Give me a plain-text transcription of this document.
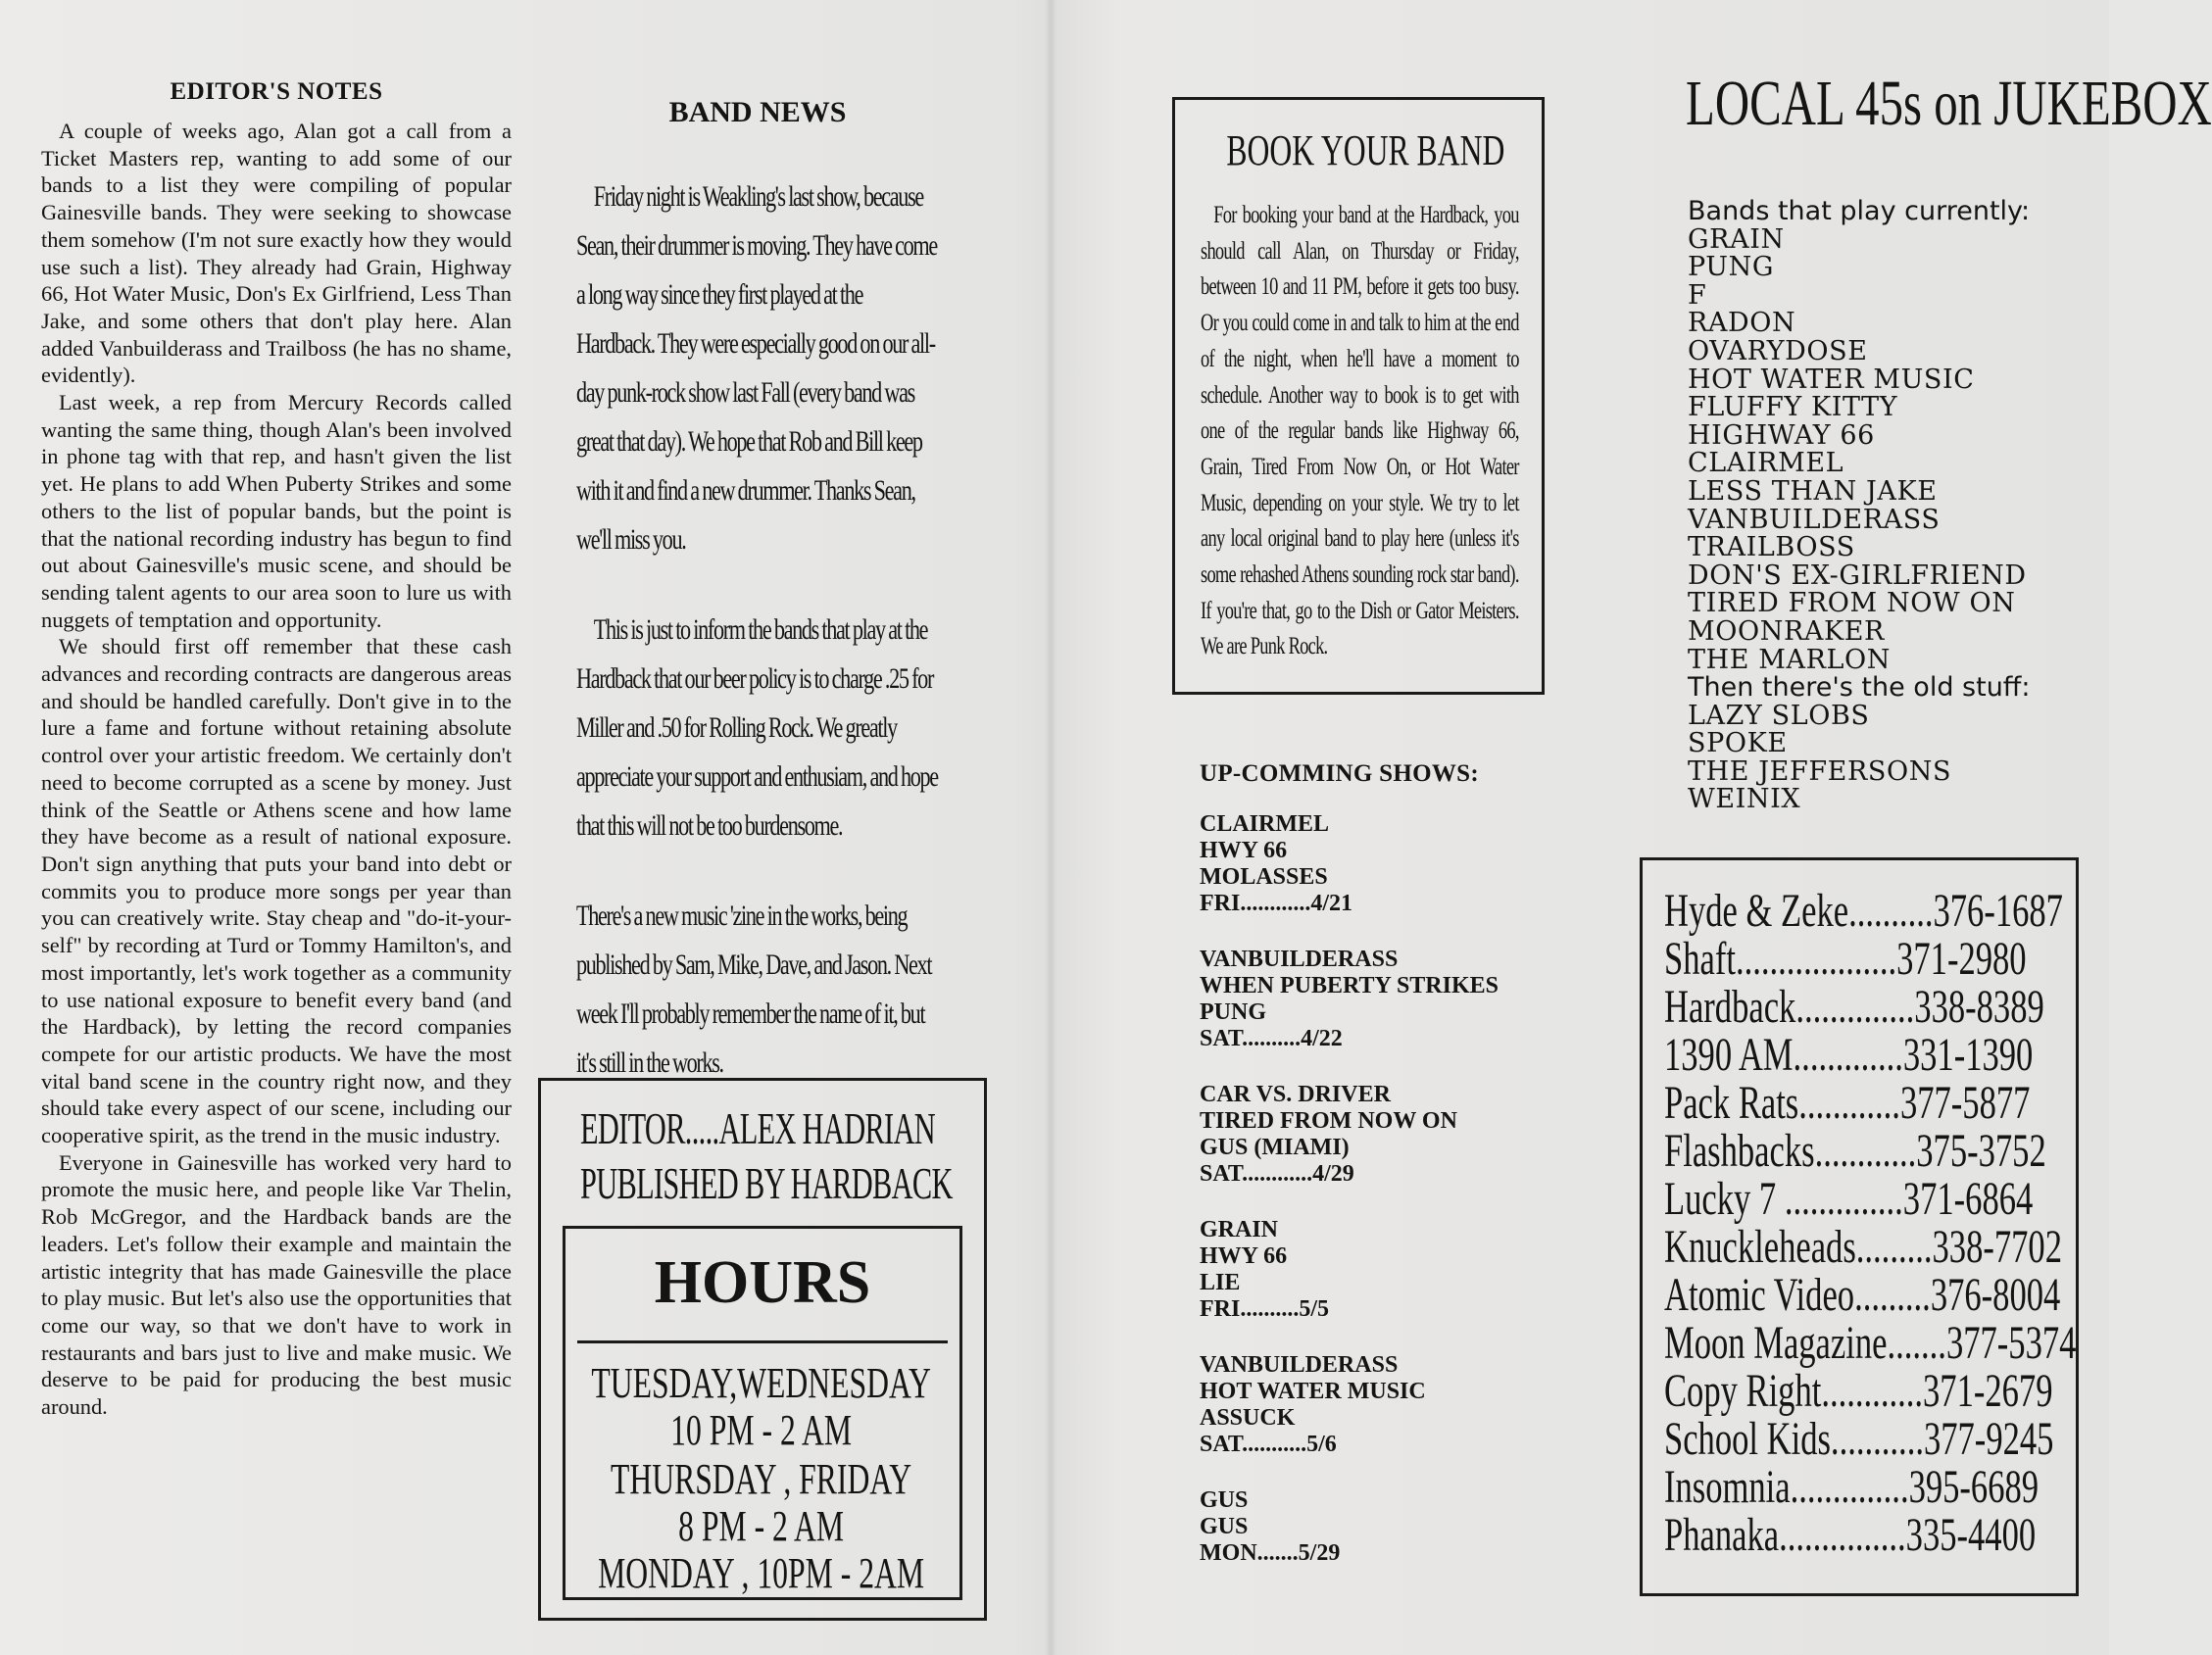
EDITOR'S NOTES

A couple of weeks ago, Alan got a call from a Ticket Masters rep, wanting to add some of our bands to a list they were compiling of popular Gainesville bands. They were seeking to showcase them somehow (I'm not sure exactly how they would use such a list). They already had Grain, Highway 66, Hot Water Music, Don's Ex Girlfriend, Less Than Jake, and some others that don't play here. Alan added Vanbuilderass and Trailboss (he has no shame, evidently).

Last week, a rep from Mercury Records called wanting the same thing, though Alan's been involved in phone tag with that rep, and hasn't given the list yet. He plans to add When Puberty Strikes and some others to the list of popular bands, but the point is that the national recording industry has begun to find out about Gainesville's music scene, and should be sending talent agents to our area soon to lure us with nuggets of temptation and opportunity.

We should first off remember that these cash advances and recording contracts are dangerous areas and should be handled carefully. Don't give in to the lure a fame and fortune without retaining absolute control over your artistic freedom. We certainly don't need to become corrupted as a scene by money. Just think of the Seattle or Athens scene and how lame they have become as a result of national exposure. Don't sign anything that puts your band into debt or commits you to produce more songs per year than you can creatively write. Stay cheap and "do-it-your-self" by recording at Turd or Tommy Hamilton's, and most importantly, let's work together as a community to use national exposure to benefit every band (and the Hardback), by letting the record companies compete for our artistic products. We have the most vital band scene in the country right now, and they should take every aspect of our scene, including our cooperative spirit, as the trend in the music industry.

Everyone in Gainesville has worked very hard to promote the music here, and people like Var Thelin, Rob McGregor, and the Hardback bands are the leaders. Let's follow their example and maintain the artistic integrity that has made Gainesville the place to play music. But let's also use the opportunities that come our way, so that we don't have to work in restaurants and bars just to live and make music. We deserve to be paid for producing the best music around.

BAND NEWS

Friday night is Weakling's last show, because Sean, their drummer is moving. They have come a long way since they first played at the Hardback. They were especially good on our all-day punk-rock show last Fall (every band was great that day). We hope that Rob and Bill keep with it and find a new drummer. Thanks Sean, we'll miss you.

This is just to inform the bands that play at the Hardback that our beer policy is to charge .25 for Miller and .50 for Rolling Rock. We greatly appreciate your support and enthusiam, and hope that this will not be too burdensome.

There's a new music 'zine in the works, being published by Sam, Mike, Dave, and Jason. Next week I'll probably remember the name of it, but it's still in the works.

EDITOR.....ALEX HADRIAN
PUBLISHED BY HARDBACK
HOURS
TUESDAY,WEDNESDAY
10 PM - 2 AM
THURSDAY , FRIDAY
8 PM - 2 AM
MONDAY , 10PM - 2AM
BOOK YOUR BAND

For booking your band at the Hardback, you should call Alan, on Thursday or Friday, between 10 and 11 PM, before it gets too busy. Or you could come in and talk to him at the end of the night, when he'll have a moment to schedule. Another way to book is to get with one of the regular bands like Highway 66, Grain, Tired From Now On, or Hot Water Music, depending on your style. We try to let any local original band to play here (unless it's some rehashed Athens sounding rock star band). If you're that, go to the Dish or Gator Meisters. We are Punk Rock.

UP-COMMING SHOWS:
CLAIRMEL
HWY 66
MOLASSES
FRI............4/21
VANBUILDERASS
WHEN PUBERTY STRIKES
PUNG
SAT..........4/22
CAR VS. DRIVER
TIRED FROM NOW ON
GUS (MIAMI)
SAT............4/29
GRAIN
HWY 66
LIE
FRI..........5/5
VANBUILDERASS
HOT WATER MUSIC
ASSUCK
SAT...........5/6
GUS
GUS
MON.......5/29
LOCAL 45s on JUKEBOX
Bands that play currently:
GRAIN
PUNG
F
RADON
OVARYDOSE
HOT WATER MUSIC
FLUFFY KITTY
HIGHWAY 66
CLAIRMEL
LESS THAN JAKE
VANBUILDERASS
TRAILBOSS
DON'S EX-GIRLFRIEND
TIRED FROM NOW ON
MOONRAKER
THE MARLON
Then there's the old stuff:
LAZY SLOBS
SPOKE
THE JEFFERSONS
WEINIX
Hyde & Zeke..........376-1687
Shaft...................371-2980
Hardback..............338-8389
1390 AM.............331-1390
Pack Rats............377-5877
Flashbacks............375-3752
Lucky 7 ..............371-6864
Knuckleheads.........338-7702
Atomic Video.........376-8004
Moon Magazine.......377-5374
Copy Right............371-2679
School Kids...........377-9245
Insomnia..............395-6689
Phanaka...............335-4400
